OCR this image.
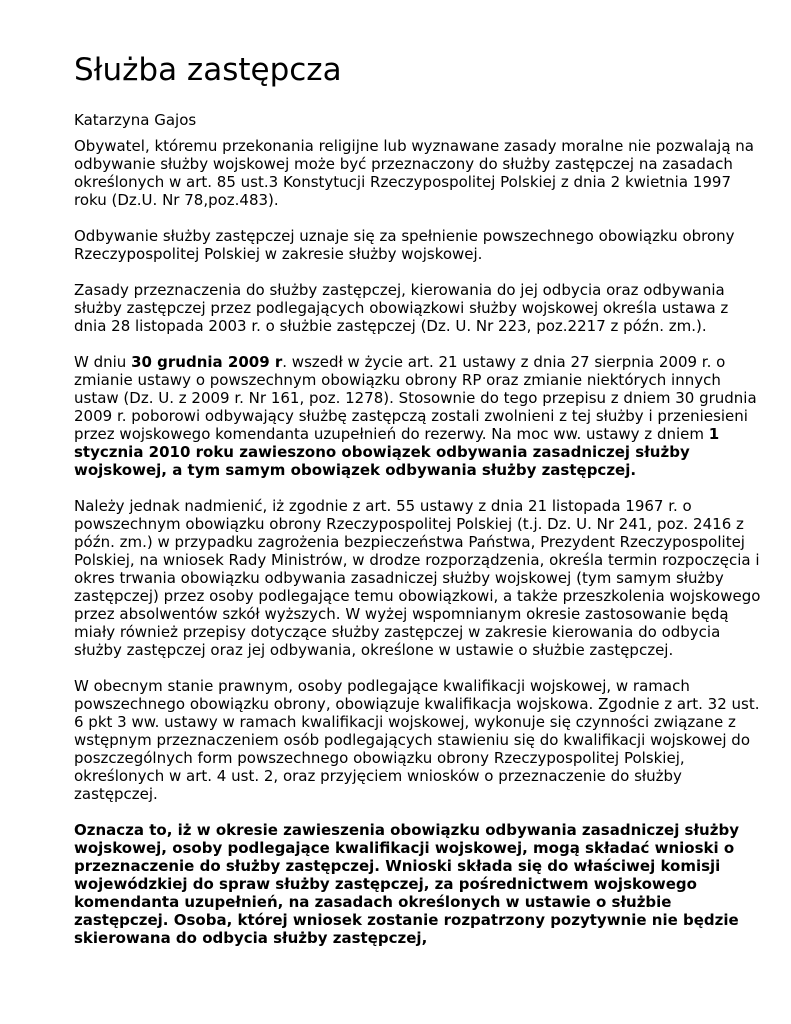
Służba zastępcza
Katarzyna Gajos

Obywatel, któremu przekonania religijne lub wyznawane zasady moralne nie pozwalają na odbywanie służby wojskowej może być przeznaczony do służby zastępczej na zasadach określonych w art. 85 ust.3 Konstytucji Rzeczypospolitej Polskiej z dnia 2 kwietnia 1997 roku (Dz.U. Nr 78,poz.483).

Odbywanie służby zastępczej uznaje się za spełnienie powszechnego obowiązku obrony Rzeczypospolitej Polskiej w zakresie służby wojskowej.

Zasady przeznaczenia do służby zastępczej, kierowania do jej odbycia oraz odbywania służby zastępczej przez podlegających obowiązkowi służby wojskowej określa ustawa z dnia 28 listopada 2003 r. o służbie zastępczej (Dz. U. Nr 223, poz.2217 z późn. zm.).

W dniu 30 grudnia 2009 r. wszedł w życie art. 21 ustawy z dnia 27 sierpnia 2009 r. o zmianie ustawy o powszechnym obowiązku obrony RP oraz zmianie niektórych innych ustaw (Dz. U. z 2009 r. Nr 161, poz. 1278). Stosownie do tego przepisu z dniem 30 grudnia 2009 r. poborowi odbywający służbę zastępczą zostali zwolnieni z tej służby i przeniesieni przez wojskowego komendanta uzupełnień do rezerwy. Na moc ww. ustawy z dniem 1 stycznia 2010 roku zawieszono obowiązek odbywania zasadniczej służby wojskowej, a tym samym obowiązek odbywania służby zastępczej.

Należy jednak nadmienić, iż zgodnie z art. 55 ustawy z dnia 21 listopada 1967 r. o powszechnym obowiązku obrony Rzeczypospolitej Polskiej (t.j. Dz. U. Nr 241, poz. 2416 z późn. zm.) w przypadku zagrożenia bezpieczeństwa Państwa, Prezydent Rzeczypospolitej Polskiej, na wniosek Rady Ministrów, w drodze rozporządzenia, określa termin rozpoczęcia i okres trwania obowiązku odbywania zasadniczej służby wojskowej (tym samym służby zastępczej) przez osoby podlegające temu obowiązkowi, a także przeszkolenia wojskowego przez absolwentów szkół wyższych. W wyżej wspomnianym okresie zastosowanie będą miały również przepisy dotyczące służby zastępczej w zakresie kierowania do odbycia służby zastępczej oraz jej odbywania, określone w ustawie o służbie zastępczej.

W obecnym stanie prawnym, osoby podlegające kwalifikacji wojskowej, w ramach powszechnego obowiązku obrony, obowiązuje kwalifikacja wojskowa. Zgodnie z art. 32 ust. 6 pkt 3 ww. ustawy w ramach kwalifikacji wojskowej, wykonuje się czynności związane z wstępnym przeznaczeniem osób podlegających stawieniu się do kwalifikacji wojskowej do poszczególnych form powszechnego obowiązku obrony Rzeczypospolitej Polskiej, określonych w art. 4 ust. 2, oraz przyjęciem wniosków o przeznaczenie do służby zastępczej.

Oznacza to, iż w okresie zawieszenia obowiązku odbywania zasadniczej służby wojskowej, osoby podlegające kwalifikacji wojskowej, mogą składać wnioski o przeznaczenie do służby zastępczej. Wnioski składa się do właściwej komisji wojewódzkiej do spraw służby zastępczej, za pośrednictwem wojskowego komendanta uzupełnień, na zasadach określonych w ustawie o służbie zastępczej. Osoba, której wniosek zostanie rozpatrzony pozytywnie nie będzie skierowana do odbycia służby zastępczej,
